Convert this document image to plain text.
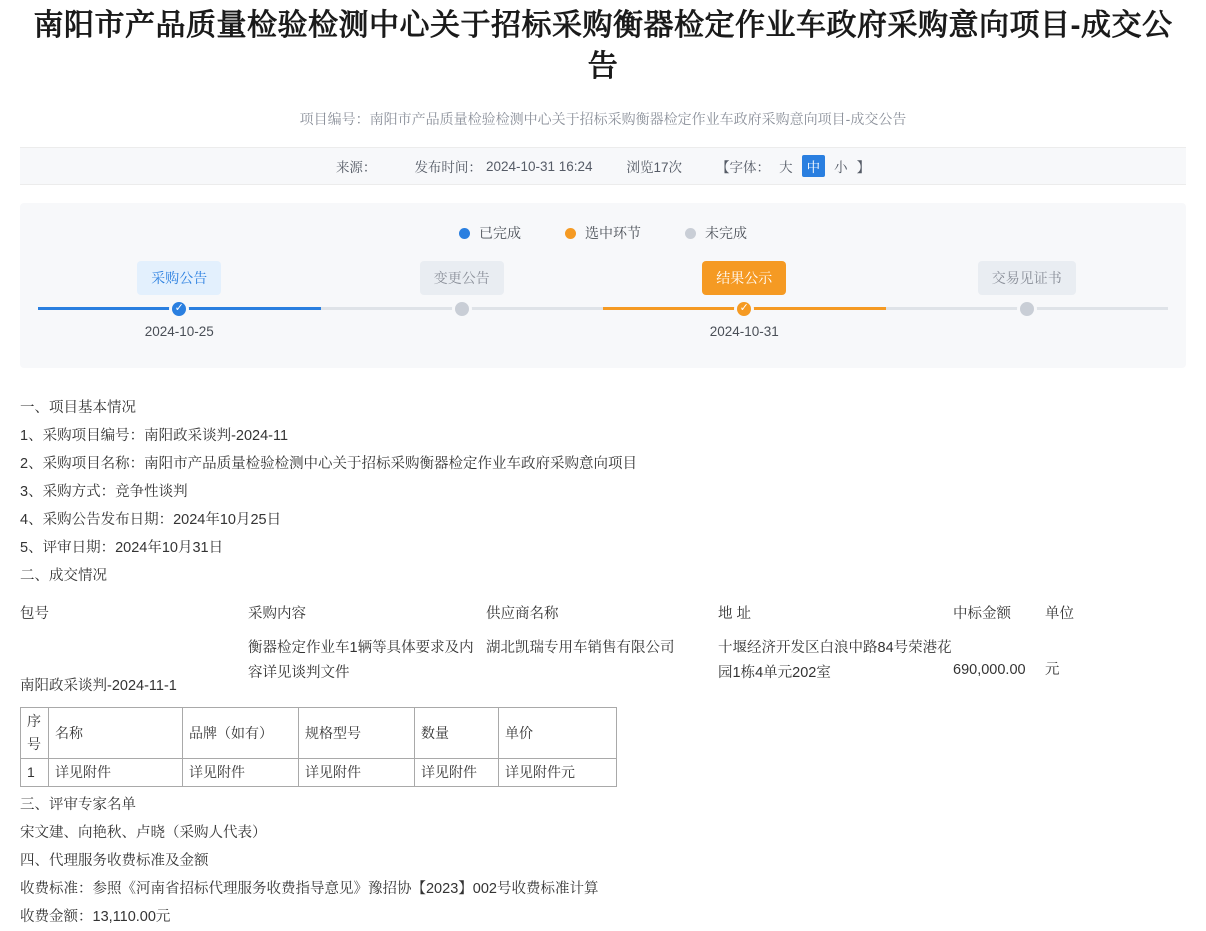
南阳市产品质量检验检测中心关于招标采购衡器检定作业车政府采购意向项目-成交公告
项目编号：南阳市产品质量检验检测中心关于招标采购衡器检定作业车政府采购意向项目-成交公告
来源：	发布时间： 2024-10-31 16:24	浏览17次	【字体： 大	中	小 】
已完成	选中环节	未完成
采购公告
✓
2024-10-25
变更公告	结果公示
✓
2024-10-31
交易见证书

一、项目基本情况

1、采购项目编号：南阳政采谈判-2024-11

2、采购项目名称：南阳市产品质量检验检测中心关于招标采购衡器检定作业车政府采购意向项目

3、采购方式：竞争性谈判

4、采购公告发布日期：2024年10月25日

5、评审日期：2024年10月31日

二、成交情况

包号	采购内容	供应商名称	地 址	中标金额	单位
南阳政采谈判-2024-11-1	衡器检定作业车1辆等具体要求及内容详见谈判文件	湖北凯瑞专用车销售有限公司	十堰经济开发区白浪中路84号荣港花园1栋4单元202室	690,000.00	元
序号	名称	品牌（如有）	规格型号	数量	单价
1	详见附件	详见附件	详见附件	详见附件	详见附件元

三、评审专家名单

宋文建、向艳秋、卢晓（采购人代表）

四、代理服务收费标准及金额

收费标准：参照《河南省招标代理服务收费指导意见》豫招协【2023】002号收费标准计算

收费金额：13,110.00元
